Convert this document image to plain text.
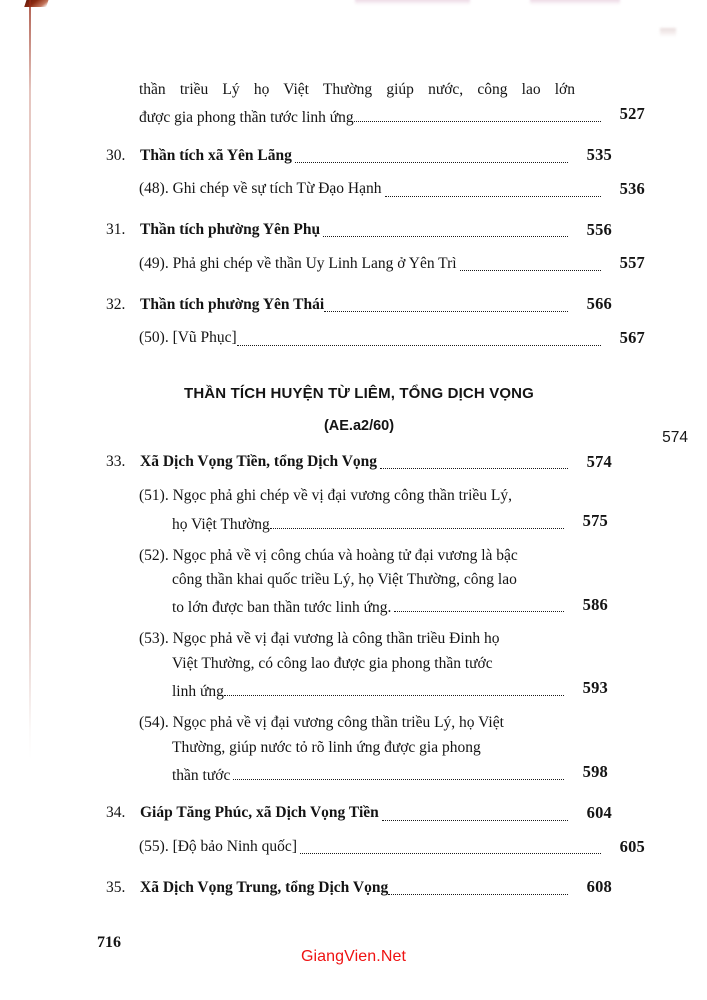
thần triều Lý họ Việt Thường giúp nước, công lao lớn
được gia phong thần tước linh ứng	527
30. Thần tích xã Yên Lãng	535
(48). Ghi chép về sự tích Từ Đạo Hạnh	536
31. Thần tích phường Yên Phụ	556
(49). Phả ghi chép về thần Uy Linh Lang ở Yên Trì	557
32. Thần tích phường Yên Thái	566
(50). [Vũ Phục]	567
THẦN TÍCH HUYỆN TỪ LIÊM, TỔNG DỊCH VỌNG
(AE.a2/60)
574
33. Xã Dịch Vọng Tiền, tổng Dịch Vọng	574
(51). Ngọc phả ghi chép về vị đại vương công thần triều Lý,
họ Việt Thường	575
(52). Ngọc phả về vị công chúa và hoàng tử đại vương là bậc
công thần khai quốc triều Lý, họ Việt Thường, công lao
to lớn được ban thần tước linh ứng.	586
(53). Ngọc phả về vị đại vương là công thần triều Đinh họ
Việt Thường, có công lao được gia phong thần tước
linh ứng	593
(54). Ngọc phả về vị đại vương công thần triều Lý, họ Việt
Thường, giúp nước tỏ rõ linh ứng được gia phong
thần tước	598
34. Giáp Tăng Phúc, xã Dịch Vọng Tiền	604
(55). [Độ bảo Ninh quốc]	605
35. Xã Dịch Vọng Trung, tổng Dịch Vọng	608
716
GiangVien.Net
